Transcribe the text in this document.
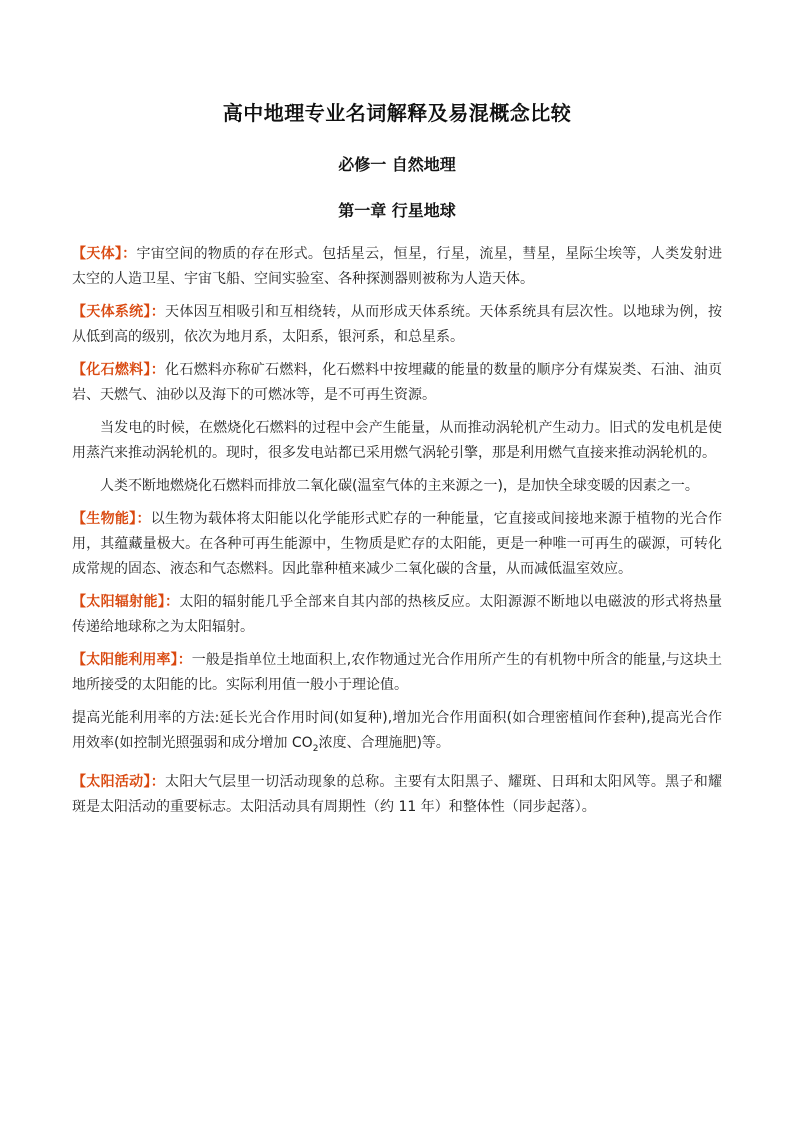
高中地理专业名词解释及易混概念比较
必修一 自然地理
第一章 行星地球

【天体】：宇宙空间的物质的存在形式。包括星云，恒星，行星，流星，彗星，星际尘埃等，人类发射进太空的人造卫星、宇宙飞船、空间实验室、各种探测器则被称为人造天体。

【天体系统】：天体因互相吸引和互相绕转，从而形成天体系统。天体系统具有层次性。以地球为例，按从低到高的级别，依次为地月系，太阳系，银河系，和总星系。

【化石燃料】：化石燃料亦称矿石燃料，化石燃料中按埋藏的能量的数量的顺序分有煤炭类、石油、油页岩、天燃气、油砂以及海下的可燃冰等，是不可再生资源。

当发电的时候，在燃烧化石燃料的过程中会产生能量，从而推动涡轮机产生动力。旧式的发电机是使用蒸汽来推动涡轮机的。现时，很多发电站都已采用燃气涡轮引擎，那是利用燃气直接来推动涡轮机的。

人类不断地燃烧化石燃料而排放二氧化碳(温室气体的主来源之一)，是加快全球变暖的因素之一。

【生物能】：以生物为载体将太阳能以化学能形式贮存的一种能量，它直接或间接地来源于植物的光合作用，其蕴藏量极大。在各种可再生能源中，生物质是贮存的太阳能，更是一种唯一可再生的碳源，可转化成常规的固态、液态和气态燃料。因此靠种植来减少二氧化碳的含量，从而减低温室效应。

【太阳辐射能】：太阳的辐射能几乎全部来自其内部的热核反应。太阳源源不断地以电磁波的形式将热量传递给地球称之为太阳辐射。

【太阳能利用率】：一般是指单位土地面积上,农作物通过光合作用所产生的有机物中所含的能量,与这块土地所接受的太阳能的比。实际利用值一般小于理论值。

提高光能利用率的方法:延长光合作用时间(如复种),增加光合作用面积(如合理密植间作套种),提高光合作用效率(如控制光照强弱和成分增加 $CO_2$浓度、合理施肥)等。

【太阳活动】：太阳大气层里一切活动现象的总称。主要有太阳黑子、耀斑、日珥和太阳风等。黑子和耀斑是太阳活动的重要标志。太阳活动具有周期性（约 11 年）和整体性（同步起落）。
